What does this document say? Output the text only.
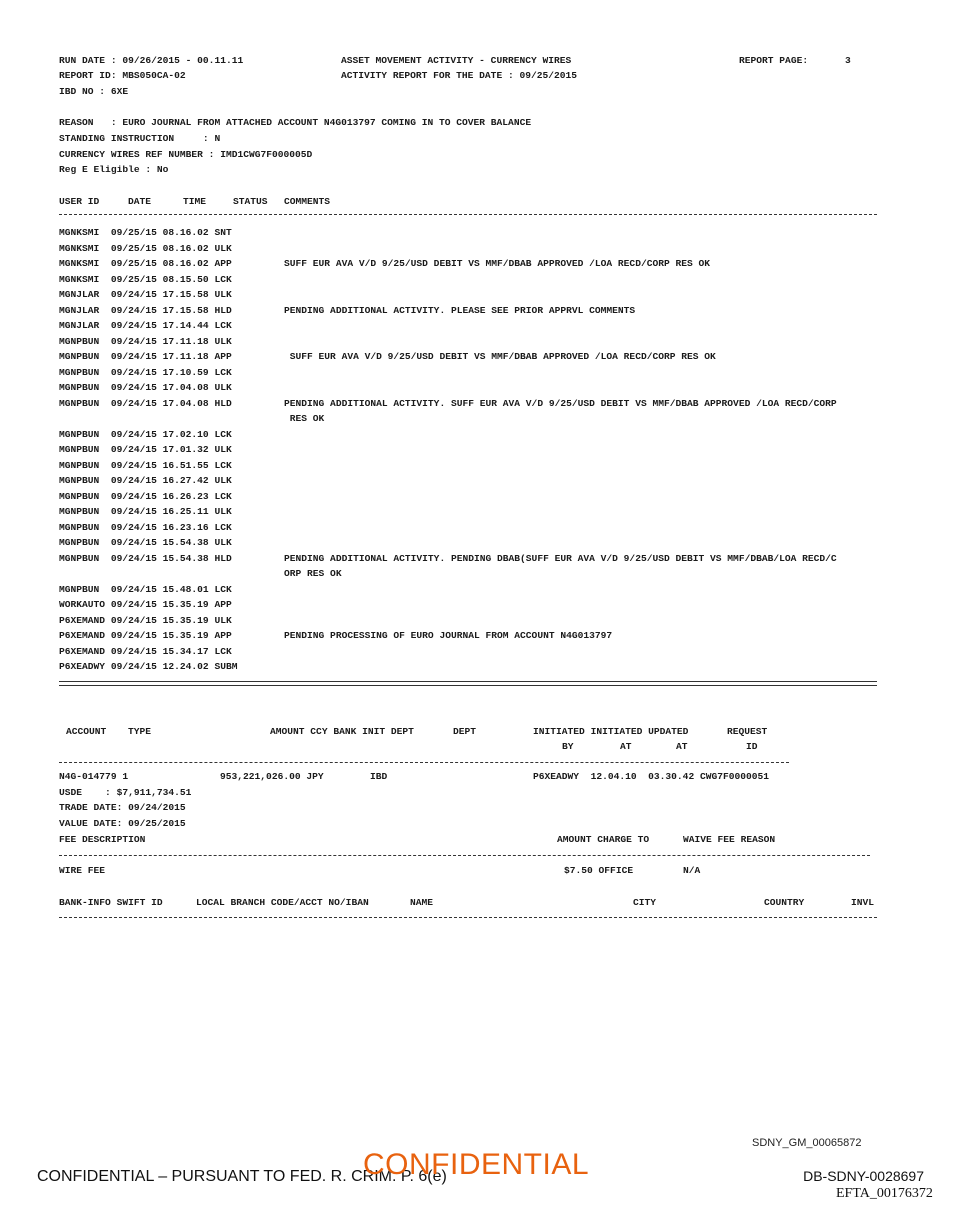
RUN DATE : 09/26/2015 - 00.11.11	ASSET MOVEMENT ACTIVITY - CURRENCY WIRES	REPORT PAGE:	3
REPORT ID: MBS050CA-02	ACTIVITY REPORT FOR THE DATE : 09/25/2015
IBD NO : 6XE
REASON   : EURO JOURNAL FROM ATTACHED ACCOUNT N4G013797 COMING IN TO COVER BALANCE
STANDING INSTRUCTION     : N
CURRENCY WIRES REF NUMBER : IMD1CWG7F000005D
Reg E Eligible : No
USER ID	DATE	TIME	STATUS COMMENTS
MGNKSMI  09/25/15 08.16.02 SNT
MGNKSMI  09/25/15 08.16.02 ULK
MGNKSMI  09/25/15 08.16.02 APP	SUFF EUR AVA V/D 9/25/USD DEBIT VS MMF/DBAB APPROVED /LOA RECD/CORP RES OK
MGNKSMI  09/25/15 08.15.50 LCK
MGNJLAR  09/24/15 17.15.58 ULK
MGNJLAR  09/24/15 17.15.58 HLD	PENDING ADDITIONAL ACTIVITY. PLEASE SEE PRIOR APPRVL COMMENTS
MGNJLAR  09/24/15 17.14.44 LCK
MGNPBUN  09/24/15 17.11.18 ULK
MGNPBUN  09/24/15 17.11.18 APP	SUFF EUR AVA V/D 9/25/USD DEBIT VS MMF/DBAB APPROVED /LOA RECD/CORP RES OK
MGNPBUN  09/24/15 17.10.59 LCK
MGNPBUN  09/24/15 17.04.08 ULK
MGNPBUN  09/24/15 17.04.08 HLD	PENDING ADDITIONAL ACTIVITY. SUFF EUR AVA V/D 9/25/USD DEBIT VS MMF/DBAB APPROVED /LOA RECD/CORP
RES OK
MGNPBUN  09/24/15 17.02.10 LCK
MGNPBUN  09/24/15 17.01.32 ULK
MGNPBUN  09/24/15 16.51.55 LCK
MGNPBUN  09/24/15 16.27.42 ULK
MGNPBUN  09/24/15 16.26.23 LCK
MGNPBUN  09/24/15 16.25.11 ULK
MGNPBUN  09/24/15 16.23.16 LCK
MGNPBUN  09/24/15 15.54.38 ULK
MGNPBUN  09/24/15 15.54.38 HLD	PENDING ADDITIONAL ACTIVITY. PENDING DBAB(SUFF EUR AVA V/D 9/25/USD DEBIT VS MMF/DBAB/LOA RECD/C
ORP RES OK
MGNPBUN  09/24/15 15.48.01 LCK
WORKAUTO 09/24/15 15.35.19 APP
P6XEMAND 09/24/15 15.35.19 ULK
P6XEMAND 09/24/15 15.35.19 APP	PENDING PROCESSING OF EURO JOURNAL FROM ACCOUNT N4G013797
P6XEMAND 09/24/15 15.34.17 LCK
P6XEADWY 09/24/15 12.24.02 SUBM
ACCOUNT TYPE	AMOUNT CCY BANK INIT DEPT	DEPT	INITIATED INITIATED UPDATED	REQUEST
BY	AT	AT	ID
N4G-014779 1	953,221,026.00 JPY	IBD	P6XEADWY  12.04.10  03.30.42 CWG7F0000051
USDE    : $7,911,734.51
TRADE DATE: 09/24/2015
VALUE DATE: 09/25/2015
FEE DESCRIPTION	AMOUNT CHARGE TO	WAIVE FEE REASON
WIRE FEE	$7.50 OFFICE	N/A
BANK-INFO SWIFT ID	LOCAL BRANCH CODE/ACCT NO/IBAN	NAME	CITY	COUNTRY	INVL
SDNY_GM_00065872
CONFIDENTIAL – PURSUANT TO FED. R. CRIM. P. 6(e)
CONFIDENTIAL	DB-SDNY-0028697
EFTA_00176372
